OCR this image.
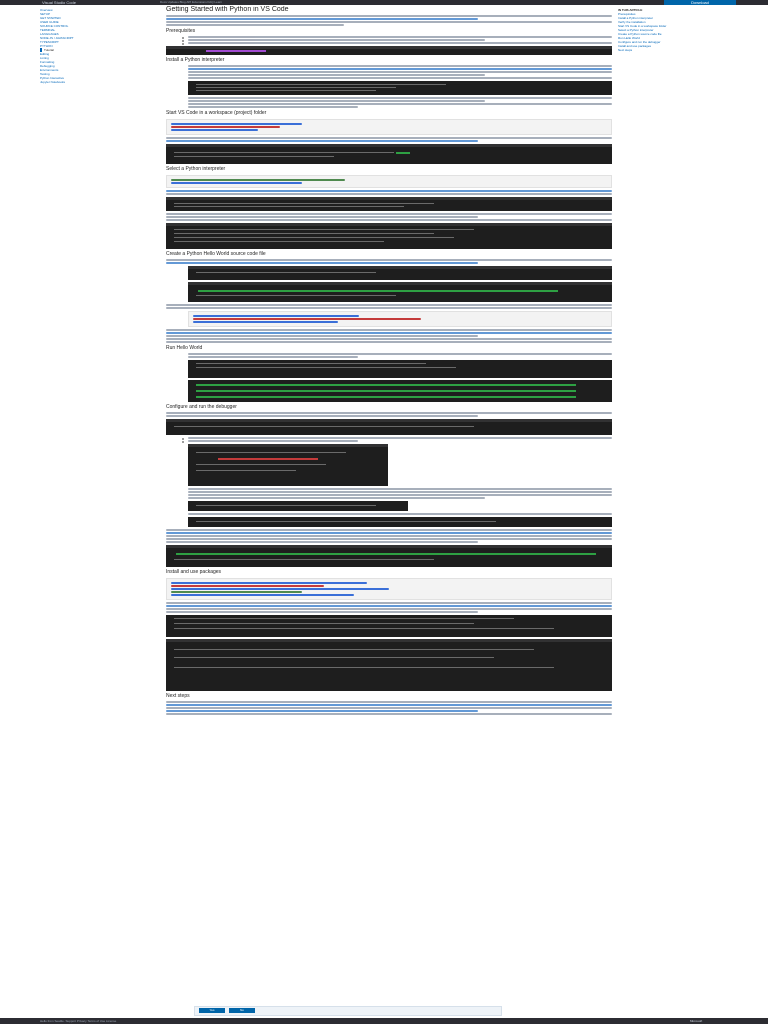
Visual Studio Code	Docs Updates Blog API Extensions FAQ Learn	Download
Overview
SETUP
GET STARTED
USER GUIDE
SOURCE CONTROL
TERMINAL
LANGUAGES
NODE.JS / JAVASCRIPT
TYPESCRIPT
PYTHON
Tutorial
Editing
Linting
Formatting
Debugging
Environments
Testing
Python Interactive
Jupyter Notebooks
IN THIS ARTICLE
Prerequisites
Install a Python interpreter
Verify the installation
Start VS Code in a workspace folder
Select a Python interpreter
Create a Python source code file
Run Hello World
Configure and run the debugger
Install and use packages
Next steps
Getting Started with Python in VS Code
Prerequisites
Install a Python interpreter
Start VS Code in a workspace (project) folder
Select a Python interpreter
Create a Python Hello World source code file
Run Hello World
Configure and run the debugger
Install and use packages
Next steps
Yes	No
Hello from Seattle. Support Privacy Terms of Use License	Microsoft
